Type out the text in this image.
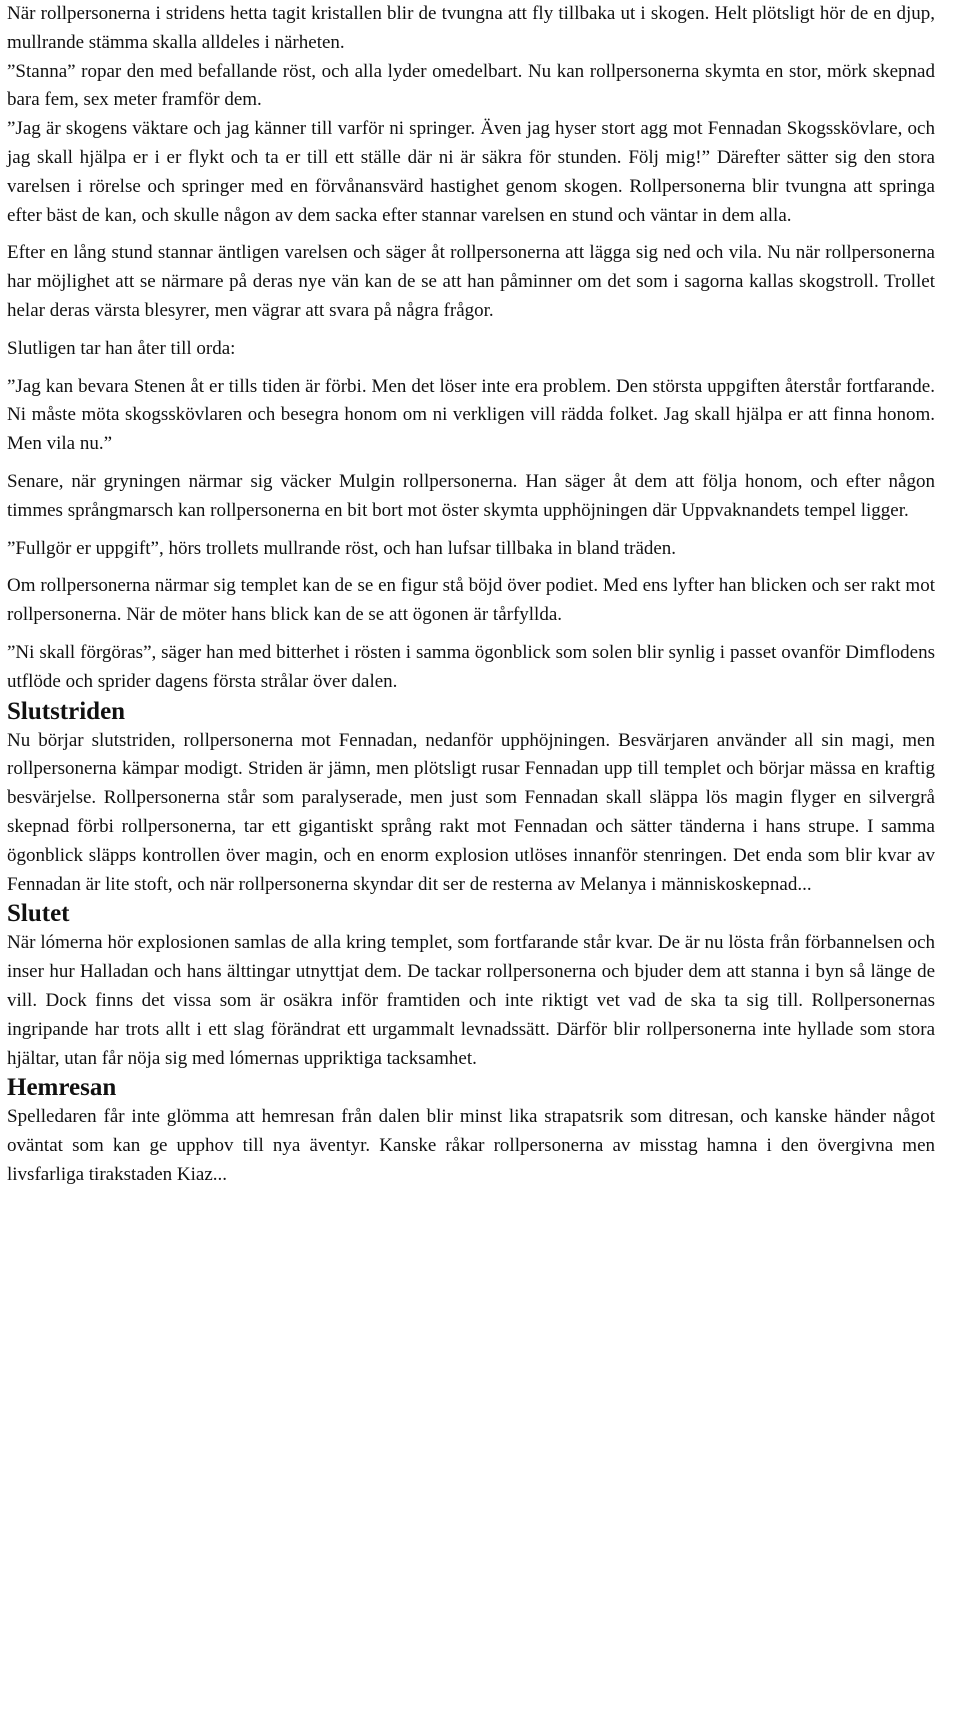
När rollpersonerna i stridens hetta tagit kristallen blir de tvungna att fly tillbaka ut i skogen. Helt plötsligt hör de en djup, mullrande stämma skalla alldeles i närheten.

”Stanna” ropar den med befallande röst, och alla lyder omedelbart. Nu kan rollpersonerna skymta en stor, mörk skepnad bara fem, sex meter framför dem.

”Jag är skogens väktare och jag känner till varför ni springer. Även jag hyser stort agg mot Fennadan Skogsskövlare, och jag skall hjälpa er i er flykt och ta er till ett ställe där ni är säkra för stunden. Följ mig!” Därefter sätter sig den stora varelsen i rörelse och springer med en förvånansvärd hastighet genom skogen. Rollpersonerna blir tvungna att springa efter bäst de kan, och skulle någon av dem sacka efter stannar varelsen en stund och väntar in dem alla.

Efter en lång stund stannar äntligen varelsen och säger åt rollpersonerna att lägga sig ned och vila. Nu när rollpersonerna har möjlighet att se närmare på deras nye vän kan de se att han påminner om det som i sagorna kallas skogstroll. Trollet helar deras värsta blesyrer, men vägrar att svara på några frågor.

Slutligen tar han åter till orda:

”Jag kan bevara Stenen åt er tills tiden är förbi. Men det löser inte era problem. Den största uppgiften återstår fortfarande. Ni måste möta skogsskövlaren och besegra honom om ni verkligen vill rädda folket. Jag skall hjälpa er att finna honom. Men vila nu.”

Senare, när gryningen närmar sig väcker Mulgin rollpersonerna. Han säger åt dem att följa honom, och efter någon timmes språngmarsch kan rollpersonerna en bit bort mot öster skymta upphöjningen där Uppvaknandets tempel ligger.

”Fullgör er uppgift”, hörs trollets mullrande röst, och han lufsar tillbaka in bland träden.

Om rollpersonerna närmar sig templet kan de se en figur stå böjd över podiet. Med ens lyfter han blicken och ser rakt mot rollpersonerna. När de möter hans blick kan de se att ögonen är tårfyllda.

”Ni skall förgöras”, säger han med bitterhet i rösten i samma ögonblick som solen blir synlig i passet ovanför Dimflodens utflöde och sprider dagens första strålar över dalen.

Slutstriden

Nu börjar slutstriden, rollpersonerna mot Fennadan, nedanför upphöjningen. Besvärjaren använder all sin magi, men rollpersonerna kämpar modigt. Striden är jämn, men plötsligt rusar Fennadan upp till templet och börjar mässa en kraftig besvärjelse. Rollpersonerna står som paralyserade, men just som Fennadan skall släppa lös magin flyger en silvergrå skepnad förbi rollpersonerna, tar ett gigantiskt språng rakt mot Fennadan och sätter tänderna i hans strupe. I samma ögonblick släpps kontrollen över magin, och en enorm explosion utlöses innanför stenringen. Det enda som blir kvar av Fennadan är lite stoft, och när rollpersonerna skyndar dit ser de resterna av Melanya i människoskepnad...

Slutet

När lómerna hör explosionen samlas de alla kring templet, som fortfarande står kvar. De är nu lösta från förbannelsen och inser hur Halladan och hans älttingar utnyttjat dem. De tackar rollpersonerna och bjuder dem att stanna i byn så länge de vill. Dock finns det vissa som är osäkra inför framtiden och inte riktigt vet vad de ska ta sig till. Rollpersonernas ingripande har trots allt i ett slag förändrat ett urgammalt levnadssätt. Därför blir rollpersonerna inte hyllade som stora hjältar, utan får nöja sig med lómernas uppriktiga tacksamhet.

Hemresan

Spelledaren får inte glömma att hemresan från dalen blir minst lika strapatsrik som ditresan, och kanske händer något oväntat som kan ge upphov till nya äventyr. Kanske råkar rollpersonerna av misstag hamna i den övergivna men livsfarliga tirakstaden Kiaz...
